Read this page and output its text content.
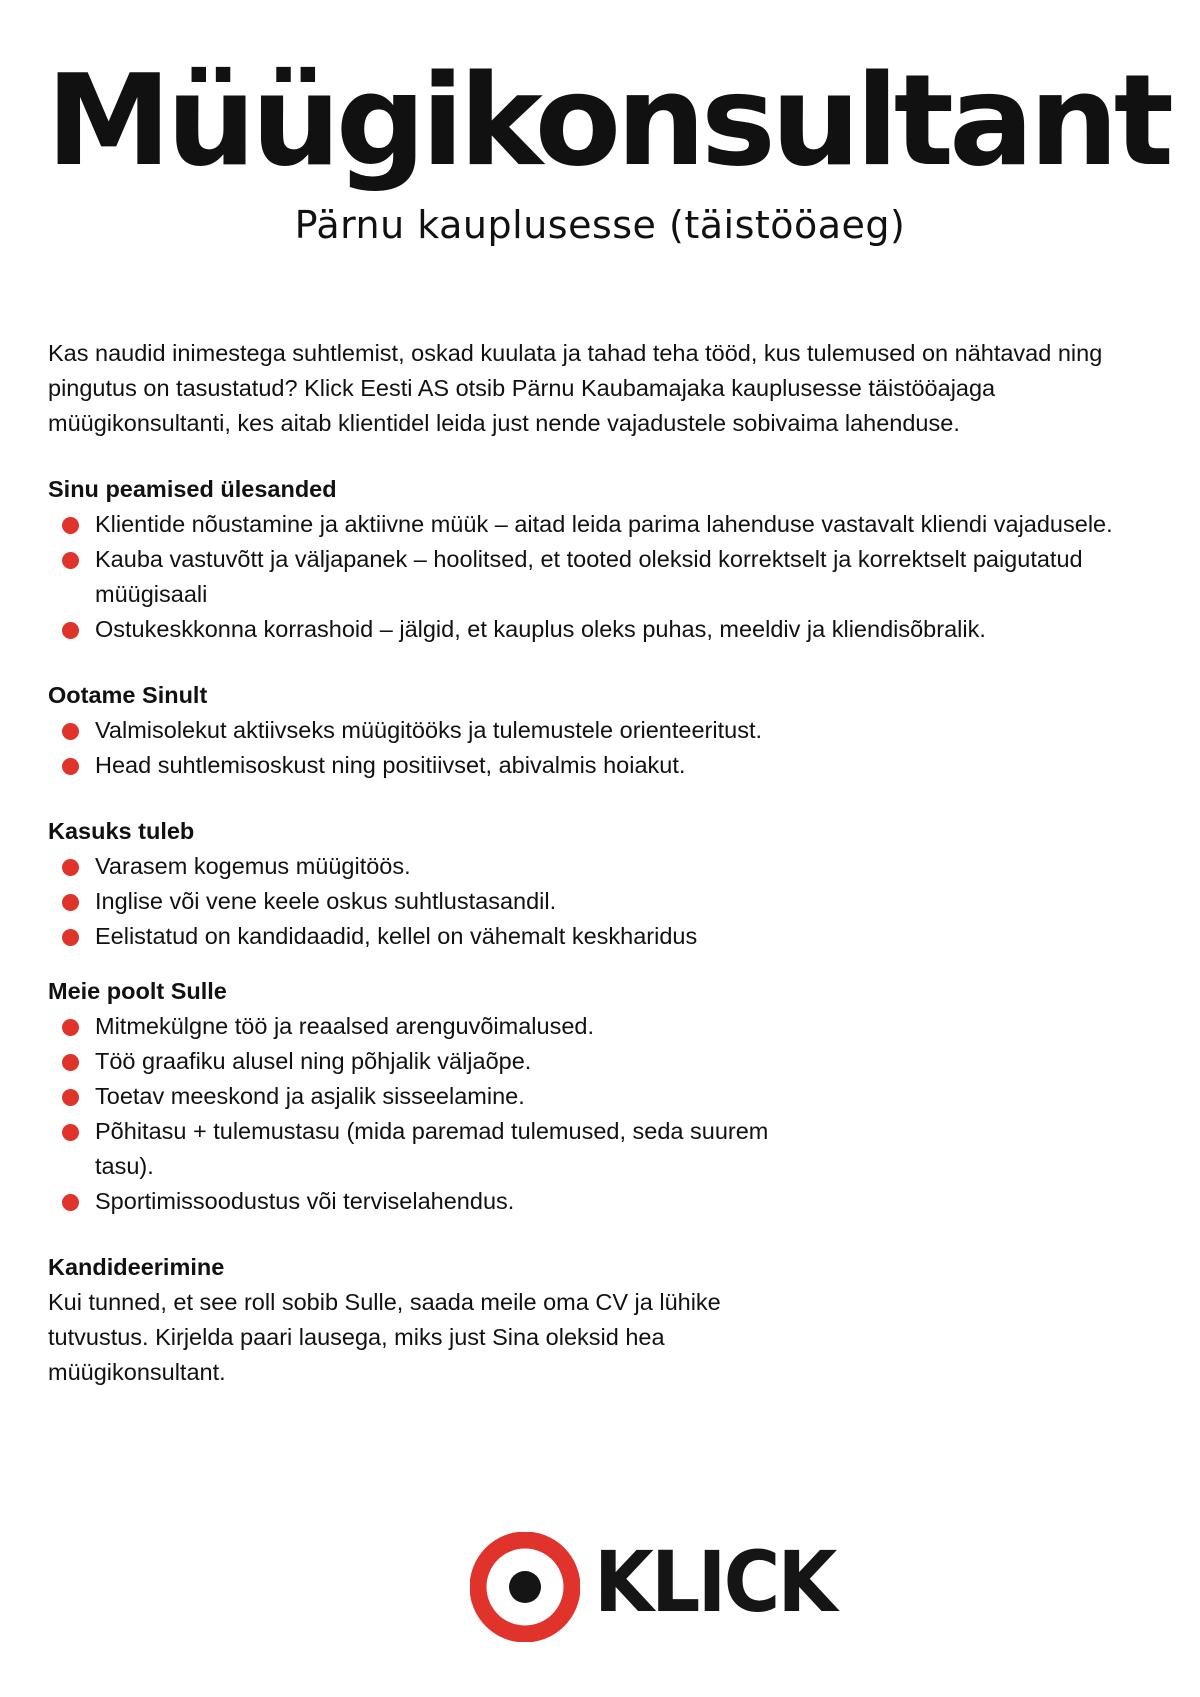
Müügikonsultant
Pärnu kauplusesse (täistööaeg)

Kas naudid inimestega suhtlemist, oskad kuulata ja tahad teha tööd, kus tulemused on nähtavad ning pingutus on tasustatud? Klick Eesti AS otsib Pärnu Kaubamajaka kauplusesse täistööajaga müügikonsultanti, kes aitab klientidel leida just nende vajadustele sobivaima lahenduse.

Sinu peamised ülesanded

Klientide nõustamine ja aktiivne müük – aitad leida parima lahenduse vastavalt kliendi vajadusele.
Kauba vastuvõtt ja väljapanek – hoolitsed, et tooted oleksid korrektselt ja korrektselt paigutatud müügisaali
Ostukeskkonna korrashoid – jälgid, et kauplus oleks puhas, meeldiv ja kliendisõbralik.

Ootame Sinult

Valmisolekut aktiivseks müügitööks ja tulemustele orienteeritust.
Head suhtlemisoskust ning positiivset, abivalmis hoiakut.

Kasuks tuleb

Varasem kogemus müügitöös.
Inglise või vene keele oskus suhtlustasandil.
Eelistatud on kandidaadid, kellel on vähemalt keskharidus

Meie poolt Sulle

Mitmekülgne töö ja reaalsed arenguvõimalused.
Töö graafiku alusel ning põhjalik väljaõpe.
Toetav meeskond ja asjalik sisseelamine.
Põhitasu + tulemustasu (mida paremad tulemused, seda suurem tasu).
Sportimissoodustus või terviselahendus.

Kandideerimine

Kui tunned, et see roll sobib Sulle, saada meile oma CV ja lühike tutvustus. Kirjelda paari lausega, miks just Sina oleksid hea müügikonsultant.

KLICK
